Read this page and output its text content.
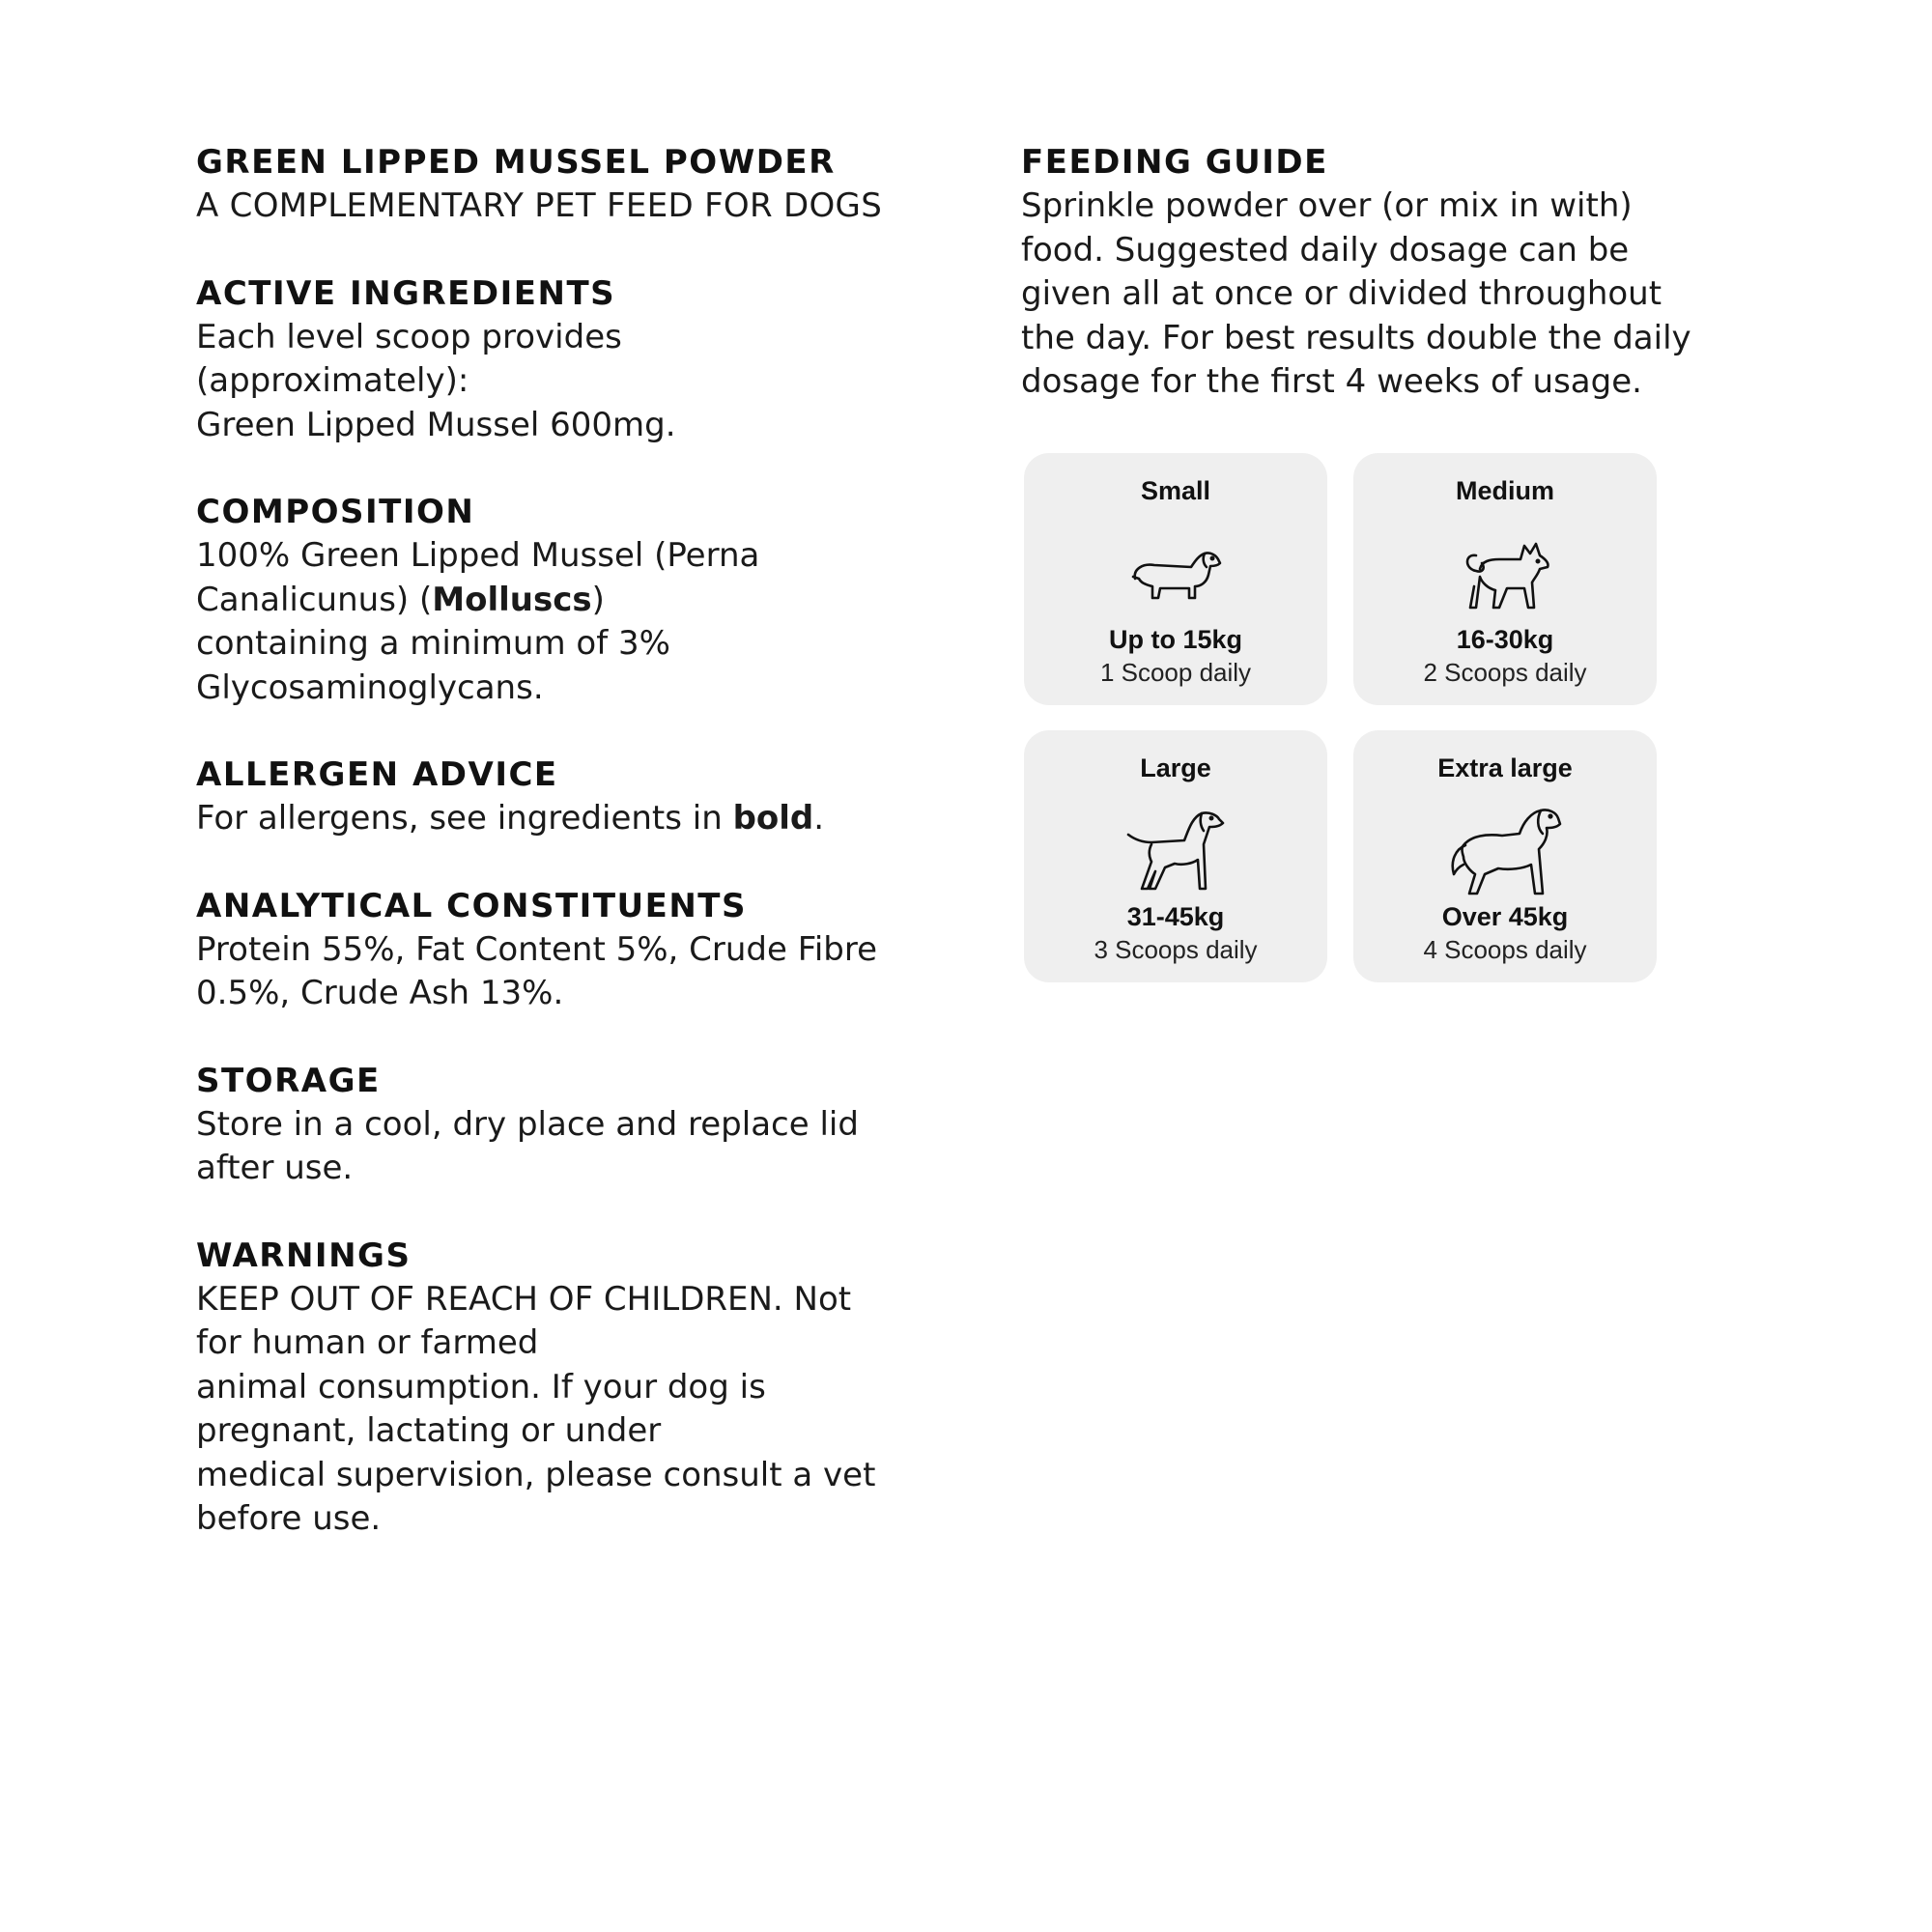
GREEN LIPPED MUSSEL POWDER

A COMPLEMENTARY PET FEED FOR DOGS

ACTIVE INGREDIENTS

Each level scoop provides
(approximately):
Green Lipped Mussel 600mg.

COMPOSITION

100% Green Lipped Mussel (Perna
Canalicunus) (Molluscs)
containing a minimum of 3%
Glycosaminoglycans.

ALLERGEN ADVICE

For allergens, see ingredients in bold.

ANALYTICAL CONSTITUENTS

Protein 55%, Fat Content 5%, Crude Fibre
0.5%, Crude Ash 13%.

STORAGE

Store in a cool, dry place and replace lid
after use.

WARNINGS

KEEP OUT OF REACH OF CHILDREN. Not
for human or farmed
animal consumption. If your dog is
pregnant, lactating or under
medical supervision, please consult a vet
before use.

FEEDING GUIDE

Sprinkle powder over (or mix in with)
food. Suggested daily dosage can be
given all at once or divided throughout
the day. For best results double the daily
dosage for the first 4 weeks of usage.

Small
Up to 15kg
1 Scoop daily
Medium
16-30kg
2 Scoops daily
Large
31-45kg
3 Scoops daily
Extra large
Over 45kg
4 Scoops daily
